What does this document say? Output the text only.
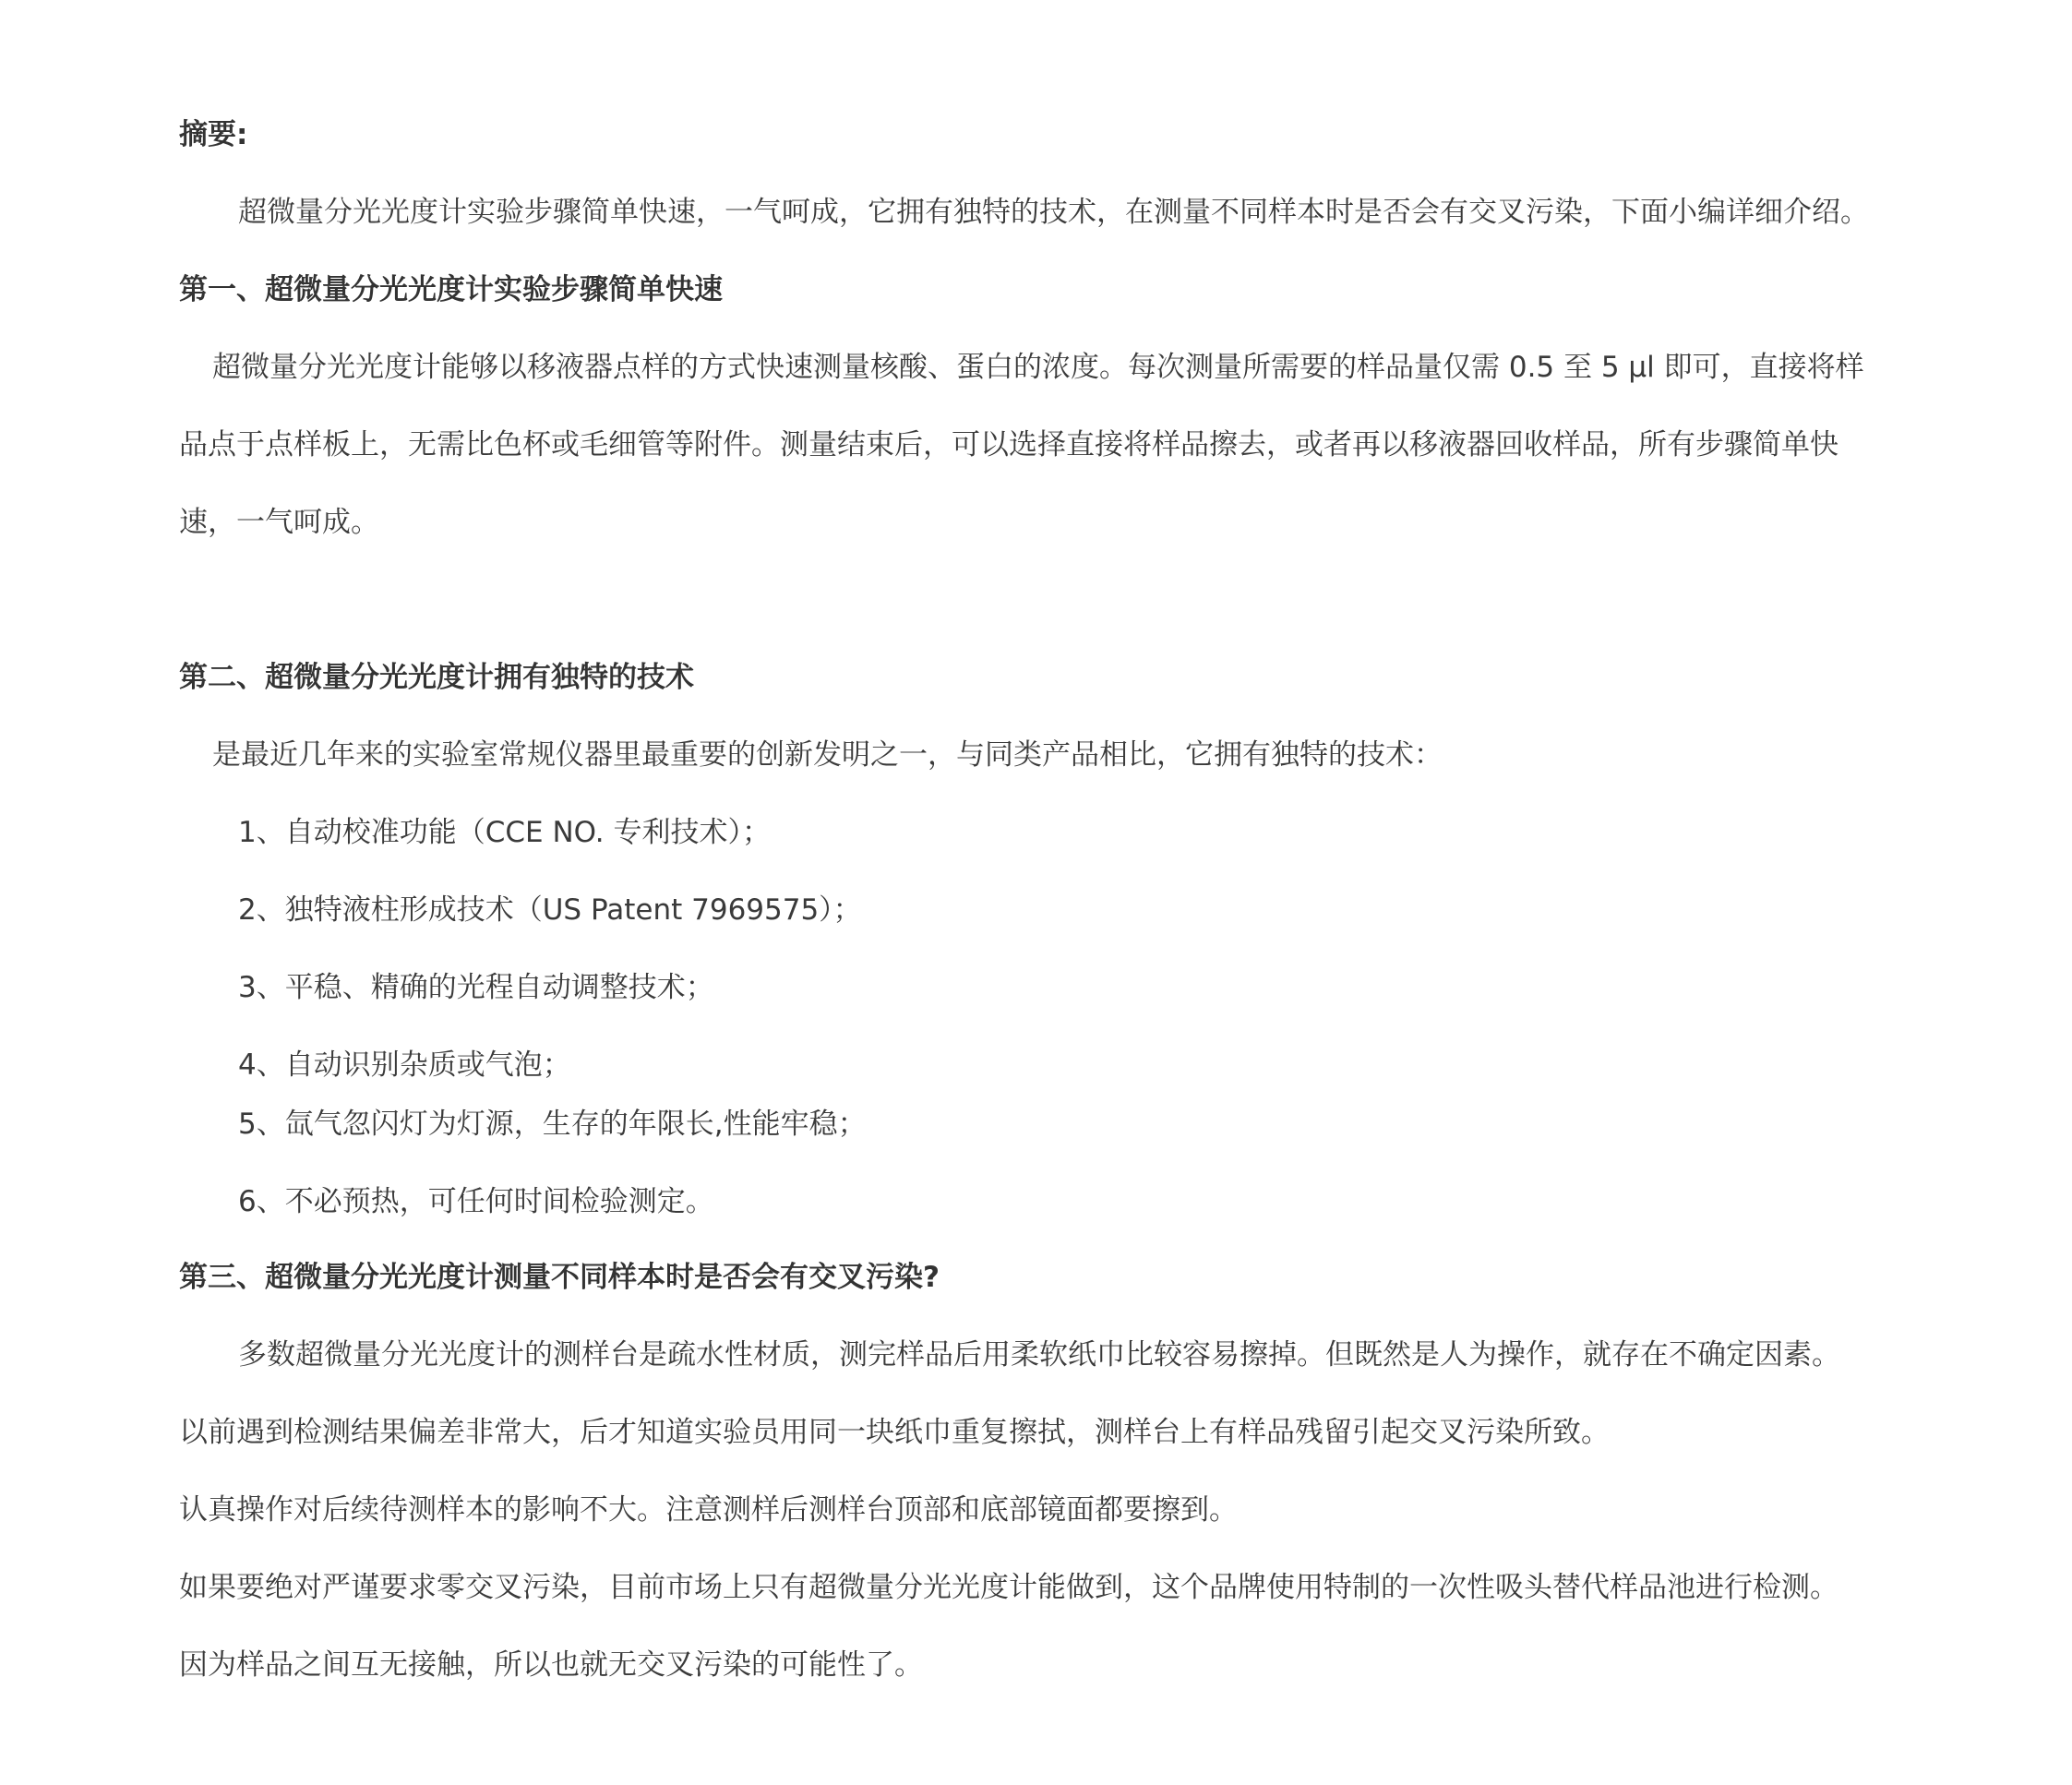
摘要:
超微量分光光度计实验步骤简单快速，一气呵成，它拥有独特的技术，在测量不同样本时是否会有交叉污染，下面小编详细介绍。
第一、超微量分光光度计实验步骤简单快速
超微量分光光度计能够以移液器点样的方式快速测量核酸、蛋白的浓度。每次测量所需要的样品量仅需 0.5 至 5 μl 即可，直接将样
品点于点样板上，无需比色杯或毛细管等附件。测量结束后，可以选择直接将样品擦去，或者再以移液器回收样品，所有步骤简单快
速，一气呵成。
第二、超微量分光光度计拥有独特的技术
是最近几年来的实验室常规仪器里最重要的创新发明之一，与同类产品相比，它拥有独特的技术：
1、自动校准功能（CCE NO. 专利技术）；
2、独特液柱形成技术（US Patent 7969575）；
3、平稳、精确的光程自动调整技术；
4、自动识别杂质或气泡；
5、氙气忽闪灯为灯源，生存的年限长,性能牢稳；
6、不必预热，可任何时间检验测定。
第三、超微量分光光度计测量不同样本时是否会有交叉污染?
多数超微量分光光度计的测样台是疏水性材质，测完样品后用柔软纸巾比较容易擦掉。但既然是人为操作，就存在不确定因素。
以前遇到检测结果偏差非常大，后才知道实验员用同一块纸巾重复擦拭，测样台上有样品残留引起交叉污染所致。
认真操作对后续待测样本的影响不大。注意测样后测样台顶部和底部镜面都要擦到。
如果要绝对严谨要求零交叉污染，目前市场上只有超微量分光光度计能做到，这个品牌使用特制的一次性吸头替代样品池进行检测。
因为样品之间互无接触，所以也就无交叉污染的可能性了。
